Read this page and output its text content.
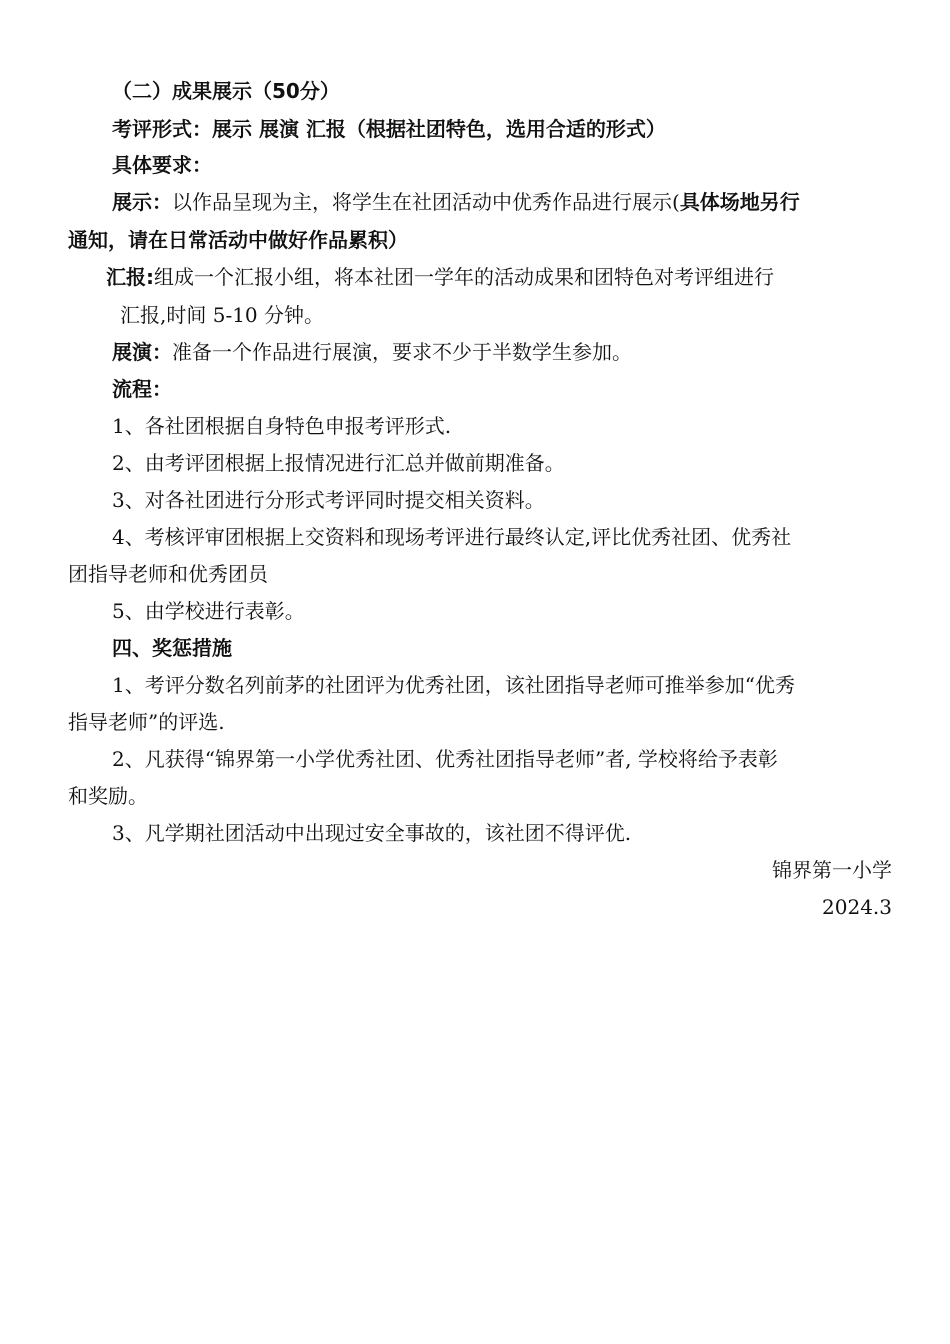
（二）成果展示（50分）
考评形式：展示 展演 汇报（根据社团特色，选用合适的形式）
具体要求：
展示：以作品呈现为主，将学生在社团活动中优秀作品进行展示(具体场地另行
通知，请在日常活动中做好作品累积）
汇报:组成一个汇报小组，将本社团一学年的活动成果和团特色对考评组进行
汇报,时间 5-10 分钟。
展演：准备一个作品进行展演，要求不少于半数学生参加。
流程：
1、各社团根据自身特色申报考评形式.
2、由考评团根据上报情况进行汇总并做前期准备。
3、对各社团进行分形式考评同时提交相关资料。
4、考核评审团根据上交资料和现场考评进行最终认定,评比优秀社团、优秀社
团指导老师和优秀团员
5、由学校进行表彰。
四、奖惩措施
1、考评分数名列前茅的社团评为优秀社团，该社团指导老师可推举参加“优秀
指导老师”的评选.
2、凡获得“锦界第一小学优秀社团、优秀社团指导老师”者, 学校将给予表彰
和奖励。
3、凡学期社团活动中出现过安全事故的，该社团不得评优.
锦界第一小学
2024.3
